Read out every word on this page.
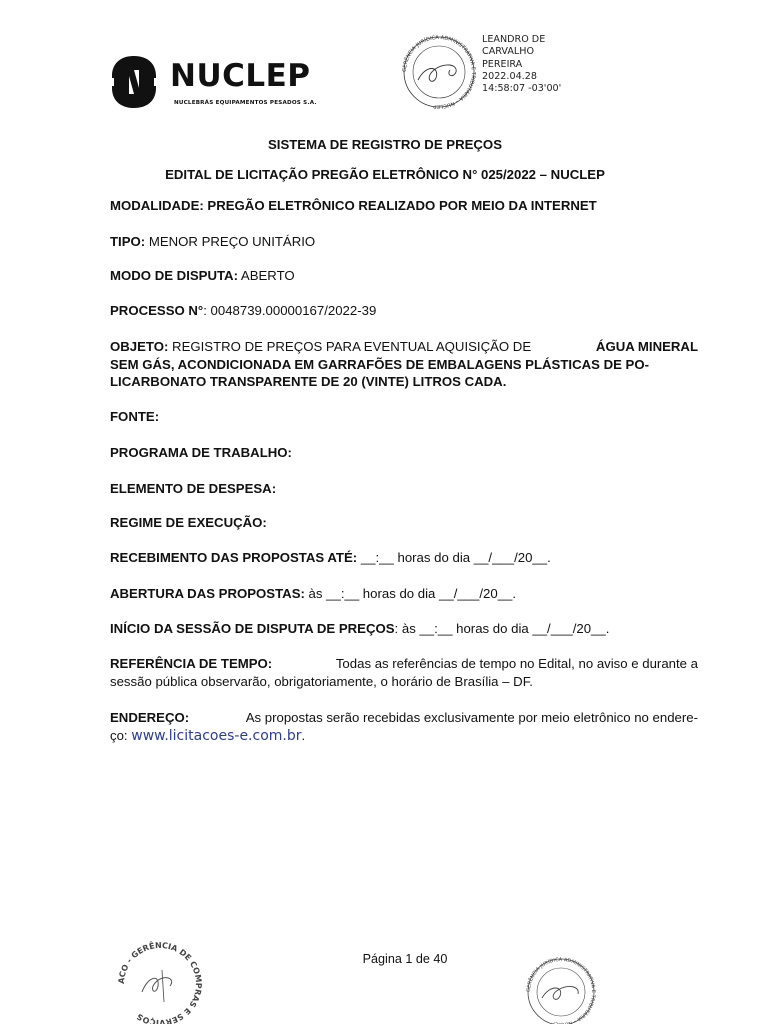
NUCLEP
NUCLEBRÁS EQUIPAMENTOS PESADOS S.A.
GERÊNCIA JURÍDICA ADMINISTRATIVA E TRIBUTÁRIA – NUCLEP
LEANDRO DE
CARVALHO
PEREIRA
2022.04.28
14:58:07 -03'00'
SISTEMA DE REGISTRO DE PREÇOS
EDITAL DE LICITAÇÃO PREGÃO ELETRÔNICO N° 025/2022 – NUCLEP
MODALIDADE: PREGÃO ELETRÔNICO REALIZADO POR MEIO DA INTERNET
TIPO: MENOR PREÇO UNITÁRIO
MODO DE DISPUTA: ABERTO
PROCESSO N°: 0048739.00000167/2022-39
OBJETO: REGISTRO DE PREÇOS PARA EVENTUAL AQUISIÇÃO DE	ÁGUA MINERAL
SEM GÁS, ACONDICIONADA EM GARRAFÕES DE EMBALAGENS PLÁSTICAS DE PO-
LICARBONATO TRANSPARENTE DE 20 (VINTE) LITROS CADA.
FONTE:
PROGRAMA DE TRABALHO:
ELEMENTO DE DESPESA:
REGIME DE EXECUÇÃO:
RECEBIMENTO DAS PROPOSTAS ATÉ: __:__ horas do dia __/___/20__.
ABERTURA DAS PROPOSTAS: às __:__ horas do dia __/___/20__.
INÍCIO DA SESSÃO DE DISPUTA DE PREÇOS: às __:__ horas do dia __/___/20__.
REFERÊNCIA DE TEMPO:	Todas as referências de tempo no Edital, no aviso e durante a
sessão pública observarão, obrigatoriamente, o horário de Brasília – DF.
ENDEREÇO:	As propostas serão recebidas exclusivamente por meio eletrônico no endere-
ço: www.licitacoes-e.com.br.
Página 1 de 40
ACO - GERÊNCIA DE COMPRAS E SERVIÇOS
GERÊNCIA JURÍDICA ADMINISTRATIVA E TRIBUTÁRIA – NUCLEP
